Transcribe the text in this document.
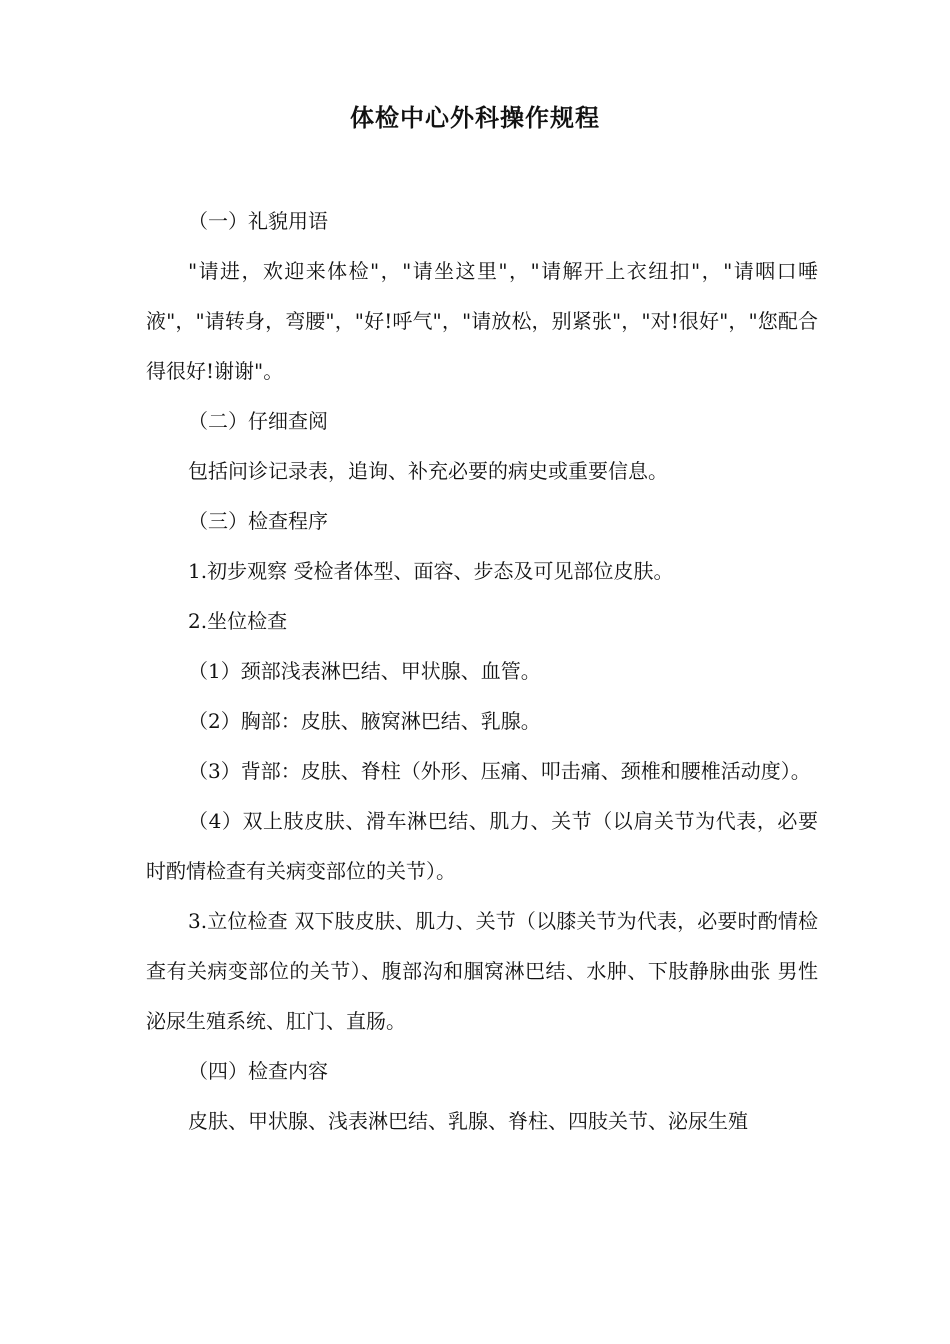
体检中心外科操作规程

（一）礼貌用语

"请进，欢迎来体检"，"请坐这里"，"请解开上衣纽扣"，"请咽口唾液"，"请转身，弯腰"，"好!呼气"，"请放松，别紧张"，"对!很好"，"您配合得很好!谢谢"。

（二）仔细查阅

包括问诊记录表，追询、补充必要的病史或重要信息。

（三）检查程序

1.初步观察 受检者体型、面容、步态及可见部位皮肤。

2.坐位检查

（1）颈部浅表淋巴结、甲状腺、血管。

（2）胸部：皮肤、腋窝淋巴结、乳腺。

（3）背部：皮肤、脊柱（外形、压痛、叩击痛、颈椎和腰椎活动度）。

（4）双上肢皮肤、滑车淋巴结、肌力、关节（以肩关节为代表，必要时酌情检查有关病变部位的关节）。

3.立位检查 双下肢皮肤、肌力、关节（以膝关节为代表，必要时酌情检查有关病变部位的关节）、腹部沟和腘窝淋巴结、水肿、下肢静脉曲张 男性泌尿生殖系统、肛门、直肠。

（四）检查内容

皮肤、甲状腺、浅表淋巴结、乳腺、脊柱、四肢关节、泌尿生殖
